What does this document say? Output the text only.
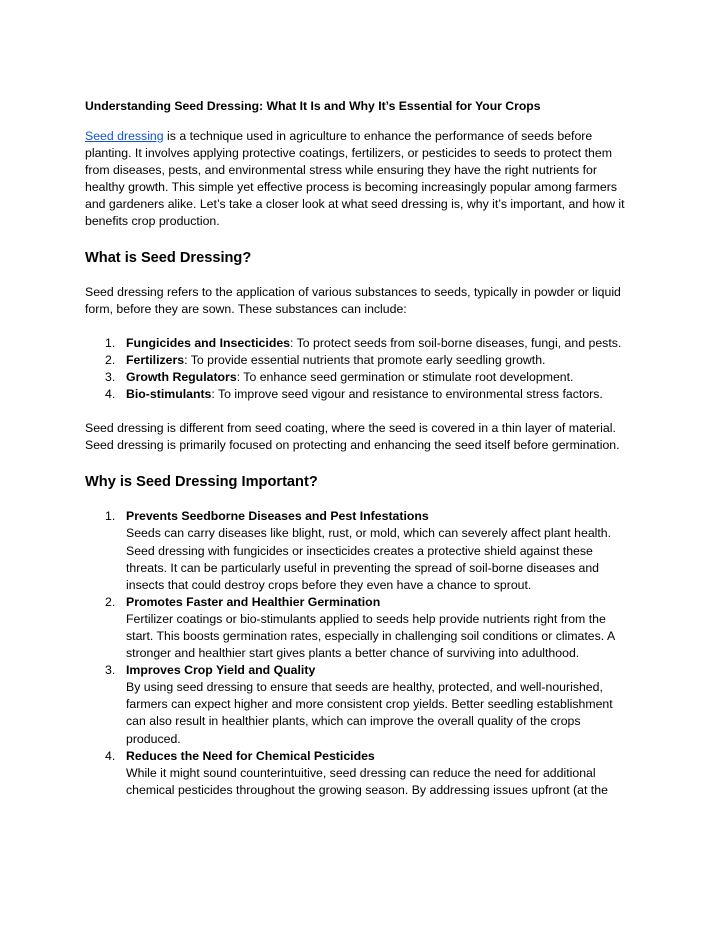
Understanding Seed Dressing: What It Is and Why It’s Essential for Your Crops

Seed dressing is a technique used in agriculture to enhance the performance of seeds before planting. It involves applying protective coatings, fertilizers, or pesticides to seeds to protect them from diseases, pests, and environmental stress while ensuring they have the right nutrients for healthy growth. This simple yet effective process is becoming increasingly popular among farmers and gardeners alike. Let’s take a closer look at what seed dressing is, why it’s important, and how it benefits crop production.

What is Seed Dressing?

Seed dressing refers to the application of various substances to seeds, typically in powder or liquid form, before they are sown. These substances can include:

1. Fungicides and Insecticides: To protect seeds from soil-borne diseases, fungi, and pests.
2. Fertilizers: To provide essential nutrients that promote early seedling growth.
3. Growth Regulators: To enhance seed germination or stimulate root development.
4. Bio-stimulants: To improve seed vigour and resistance to environmental stress factors.

Seed dressing is different from seed coating, where the seed is covered in a thin layer of material. Seed dressing is primarily focused on protecting and enhancing the seed itself before germination.

Why is Seed Dressing Important?
1. Prevents Seedborne Diseases and Pest Infestations
Seeds can carry diseases like blight, rust, or mold, which can severely affect plant health. Seed dressing with fungicides or insecticides creates a protective shield against these threats. It can be particularly useful in preventing the spread of soil-borne diseases and insects that could destroy crops before they even have a chance to sprout.
2. Promotes Faster and Healthier Germination
Fertilizer coatings or bio-stimulants applied to seeds help provide nutrients right from the start. This boosts germination rates, especially in challenging soil conditions or climates. A stronger and healthier start gives plants a better chance of surviving into adulthood.
3. Improves Crop Yield and Quality
By using seed dressing to ensure that seeds are healthy, protected, and well-nourished, farmers can expect higher and more consistent crop yields. Better seedling establishment can also result in healthier plants, which can improve the overall quality of the crops produced.
4. Reduces the Need for Chemical Pesticides
While it might sound counterintuitive, seed dressing can reduce the need for additional chemical pesticides throughout the growing season. By addressing issues upfront (at the
